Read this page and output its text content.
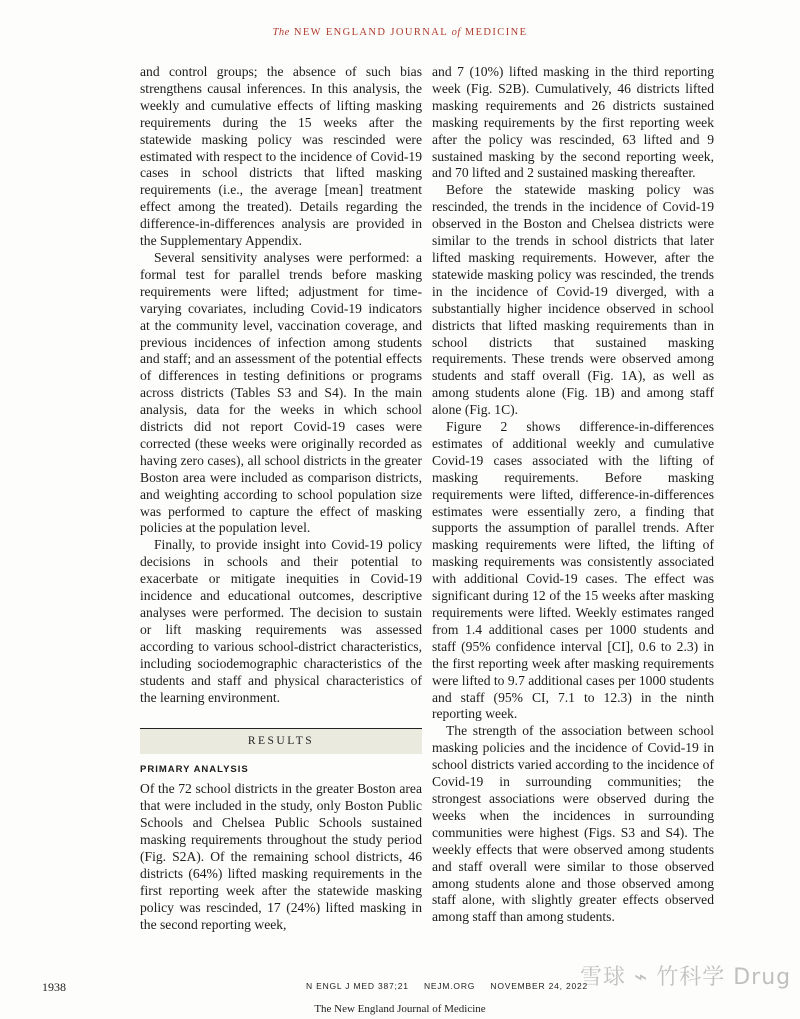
The NEW ENGLAND JOURNAL of MEDICINE

and control groups; the absence of such bias strengthens causal inferences. In this analysis, the weekly and cumulative effects of lifting masking requirements during the 15 weeks after the statewide masking policy was rescinded were estimated with respect to the incidence of Covid-19 cases in school districts that lifted masking requirements (i.e., the average [mean] treatment effect among the treated). Details regarding the difference-in-differences analysis are provided in the Supplementary Appendix.

Several sensitivity analyses were performed: a formal test for parallel trends before masking requirements were lifted; adjustment for time-varying covariates, including Covid-19 indicators at the community level, vaccination coverage, and previous incidences of infection among students and staff; and an assessment of the potential effects of differences in testing definitions or programs across districts (Tables S3 and S4). In the main analysis, data for the weeks in which school districts did not report Covid-19 cases were corrected (these weeks were originally recorded as having zero cases), all school districts in the greater Boston area were included as comparison districts, and weighting according to school population size was performed to capture the effect of masking policies at the population level.

Finally, to provide insight into Covid-19 policy decisions in schools and their potential to exacerbate or mitigate inequities in Covid-19 incidence and educational outcomes, descriptive analyses were performed. The decision to sustain or lift masking requirements was assessed according to various school-district characteristics, including sociodemographic characteristics of the students and staff and physical characteristics of the learning environment.

RESULTS
PRIMARY ANALYSIS

Of the 72 school districts in the greater Boston area that were included in the study, only Boston Public Schools and Chelsea Public Schools sustained masking requirements throughout the study period (Fig. S2A). Of the remaining school districts, 46 districts (64%) lifted masking requirements in the first reporting week after the statewide masking policy was rescinded, 17 (24%) lifted masking in the second reporting week,

and 7 (10%) lifted masking in the third reporting week (Fig. S2B). Cumulatively, 46 districts lifted masking requirements and 26 districts sustained masking requirements by the first reporting week after the policy was rescinded, 63 lifted and 9 sustained masking by the second reporting week, and 70 lifted and 2 sustained masking thereafter.

Before the statewide masking policy was rescinded, the trends in the incidence of Covid-19 observed in the Boston and Chelsea districts were similar to the trends in school districts that later lifted masking requirements. However, after the statewide masking policy was rescinded, the trends in the incidence of Covid-19 diverged, with a substantially higher incidence observed in school districts that lifted masking requirements than in school districts that sustained masking requirements. These trends were observed among students and staff overall (Fig. 1A), as well as among students alone (Fig. 1B) and among staff alone (Fig. 1C).

Figure 2 shows difference-in-differences estimates of additional weekly and cumulative Covid-19 cases associated with the lifting of masking requirements. Before masking requirements were lifted, difference-in-differences estimates were essentially zero, a finding that supports the assumption of parallel trends. After masking requirements were lifted, the lifting of masking requirements was consistently associated with additional Covid-19 cases. The effect was significant during 12 of the 15 weeks after masking requirements were lifted. Weekly estimates ranged from 1.4 additional cases per 1000 students and staff (95% confidence interval [CI], 0.6 to 2.3) in the first reporting week after masking requirements were lifted to 9.7 additional cases per 1000 students and staff (95% CI, 7.1 to 12.3) in the ninth reporting week.

The strength of the association between school masking policies and the incidence of Covid-19 in school districts varied according to the incidence of Covid-19 in surrounding communities; the strongest associations were observed during the weeks when the incidences in surrounding communities were highest (Figs. S3 and S4). The weekly effects that were observed among students and staff overall were similar to those observed among students alone and those observed among staff alone, with slightly greater effects observed among staff than among students.

1938	N ENGL J MED 387;21 NEJM.ORG NOVEMBER 24, 2022
The New England Journal of Medicine
雪球 ⌁ 竹科学 Drug
